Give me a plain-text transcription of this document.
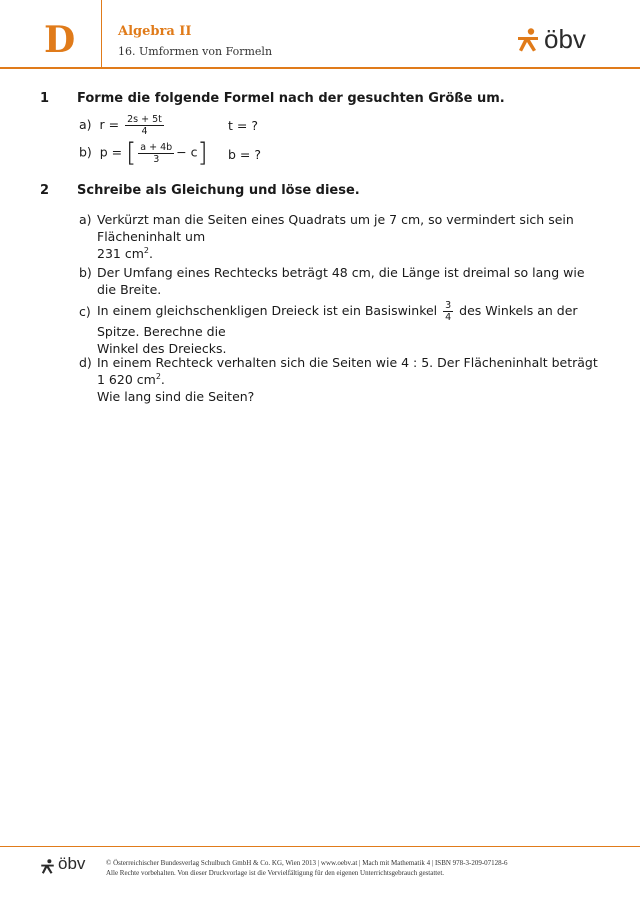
D	Algebra II
16. Umformen von Formeln	öbv
1 Forme die folgende Formel nach der gesuchten Größe um.
a) $r = \frac{2s + 5t}{4}$	t = ?
b) p = [ $\frac{a + 4b}{3} - c$] b = ?
2 Schreibe als Gleichung und löse diese.
a) Verkürzt man die Seiten eines Quadrats um je 7 cm, so vermindert sich sein Flächeninhalt um
231 $cm^2$.
b) Der Umfang eines Rechtecks beträgt 48 cm, die Länge ist dreimal so lang wie die Breite.
c) In einem gleichschenkligen Dreieck ist ein Basiswinkel $\frac{3}{4}$ des Winkels an der Spitze. Berechne die
Winkel des Dreiecks.
d) In einem Rechteck verhalten sich die Seiten wie 4 : 5. Der Flächeninhalt beträgt 1 620 $cm^2$.
Wie lang sind die Seiten?
öbv	© Österreichischer Bundesverlag Schulbuch GmbH & Co. KG, Wien 2013 | www.oebv.at | Mach mit Mathematik 4 | ISBN 978-3-209-07128-6
Alle Rechte vorbehalten. Von dieser Druckvorlage ist die Vervielfältigung für den eigenen Unterrichtsgebrauch gestattet.
